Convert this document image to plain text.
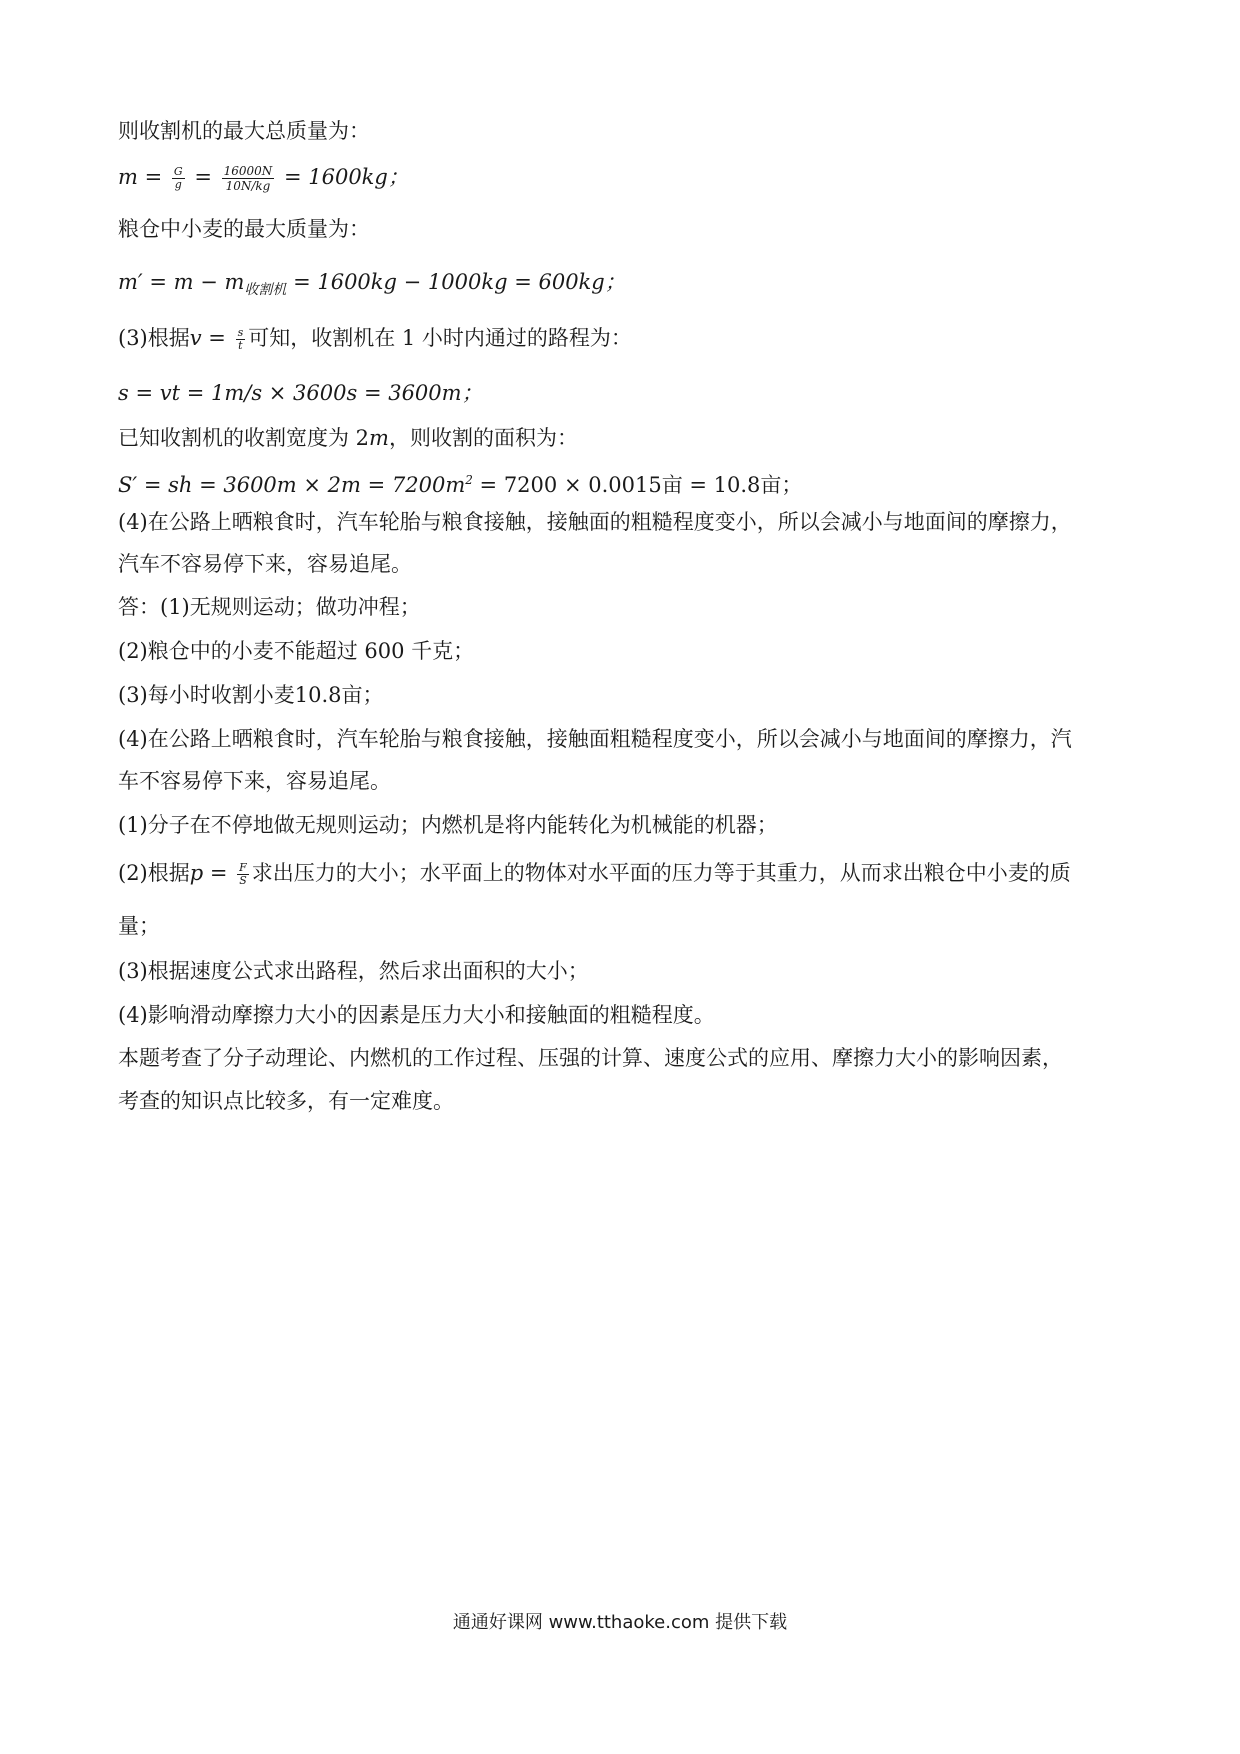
则收割机的最大总质量为：
$m = \frac{G}{g} = \frac{16000N}{10N/kg} = 1600kg$；
粮仓中小麦的最大质量为：
$m' = m - m_{收割机} = 1600kg - 1000kg = 600kg$；
(3)根据$v = \frac{s}{t}$ 可知，收割机在 1 小时内通过的路程为：
s = vt = 1m/s × 3600s = 3600m；
已知收割机的收割宽度为 2m，则收割的面积为：
S′ = sh = $3600m \times 2m = 7200m^2 = 7200 \times 0.0015$亩 = 10.8亩；
(4)在公路上晒粮食时，汽车轮胎与粮食接触，接触面的粗糙程度变小，所以会减小与地面间的摩擦力，
汽车不容易停下来，容易追尾。
答：(1)无规则运动；做功冲程；
(2)粮仓中的小麦不能超过 600 千克；
(3)每小时收割小麦10.8亩；
(4)在公路上晒粮食时，汽车轮胎与粮食接触，接触面粗糙程度变小，所以会减小与地面间的摩擦力，汽
车不容易停下来，容易追尾。
(1)分子在不停地做无规则运动；内燃机是将内能转化为机械能的机器；
(2)根据$p = \frac{F}{S}$ 求出压力的大小；水平面上的物体对水平面的压力等于其重力，从而求出粮仓中小麦的质
量；
(3)根据速度公式求出路程，然后求出面积的大小；
(4)影响滑动摩擦力大小的因素是压力大小和接触面的粗糙程度。
本题考查了分子动理论、内燃机的工作过程、压强的计算、速度公式的应用、摩擦力大小的影响因素，
考查的知识点比较多，有一定难度。
通通好课网 www.tthaoke.com 提供下载
